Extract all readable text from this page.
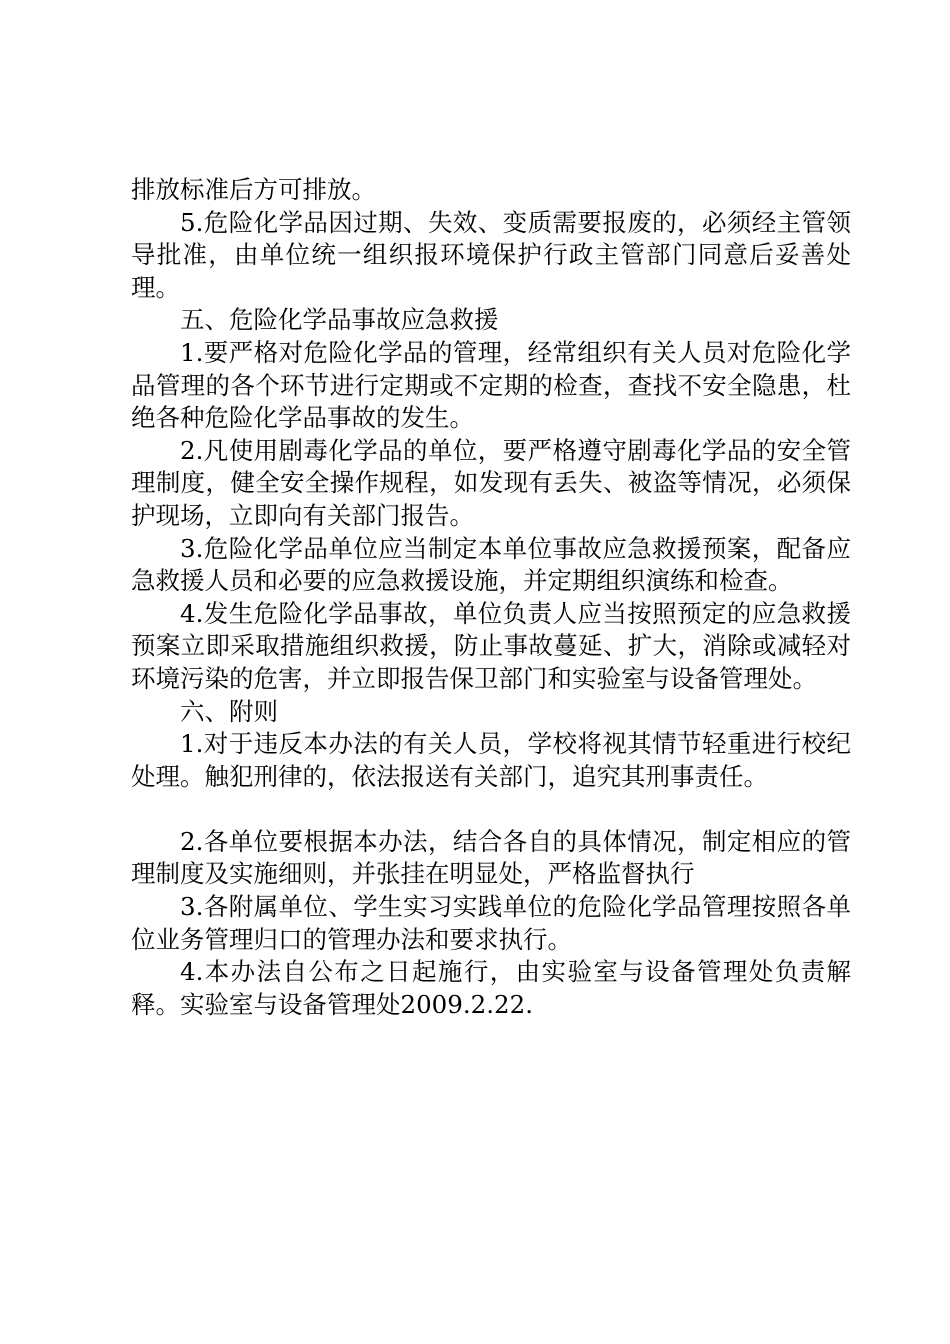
排放标准后方可排放。

5.危险化学品因过期、失效、变质需要报废的，必须经主管领导批准，由单位统一组织报环境保护行政主管部门同意后妥善处理。

五、危险化学品事故应急救援

1.要严格对危险化学品的管理，经常组织有关人员对危险化学品管理的各个环节进行定期或不定期的检查，查找不安全隐患，杜绝各种危险化学品事故的发生。

2.凡使用剧毒化学品的单位，要严格遵守剧毒化学品的安全管理制度，健全安全操作规程，如发现有丢失、被盗等情况，必须保护现场，立即向有关部门报告。

3.危险化学品单位应当制定本单位事故应急救援预案，配备应急救援人员和必要的应急救援设施，并定期组织演练和检查。

4.发生危险化学品事故，单位负责人应当按照预定的应急救援预案立即采取措施组织救援，防止事故蔓延、扩大，消除或减轻对环境污染的危害，并立即报告保卫部门和实验室与设备管理处。

六、附则

1.对于违反本办法的有关人员，学校将视其情节轻重进行校纪处理。触犯刑律的，依法报送有关部门，追究其刑事责任。

2.各单位要根据本办法，结合各自的具体情况，制定相应的管理制度及实施细则，并张挂在明显处，严格监督执行

3.各附属单位、学生实习实践单位的危险化学品管理按照各单位业务管理归口的管理办法和要求执行。

4.本办法自公布之日起施行，由实验室与设备管理处负责解释。实验室与设备管理处2009.2.22.
